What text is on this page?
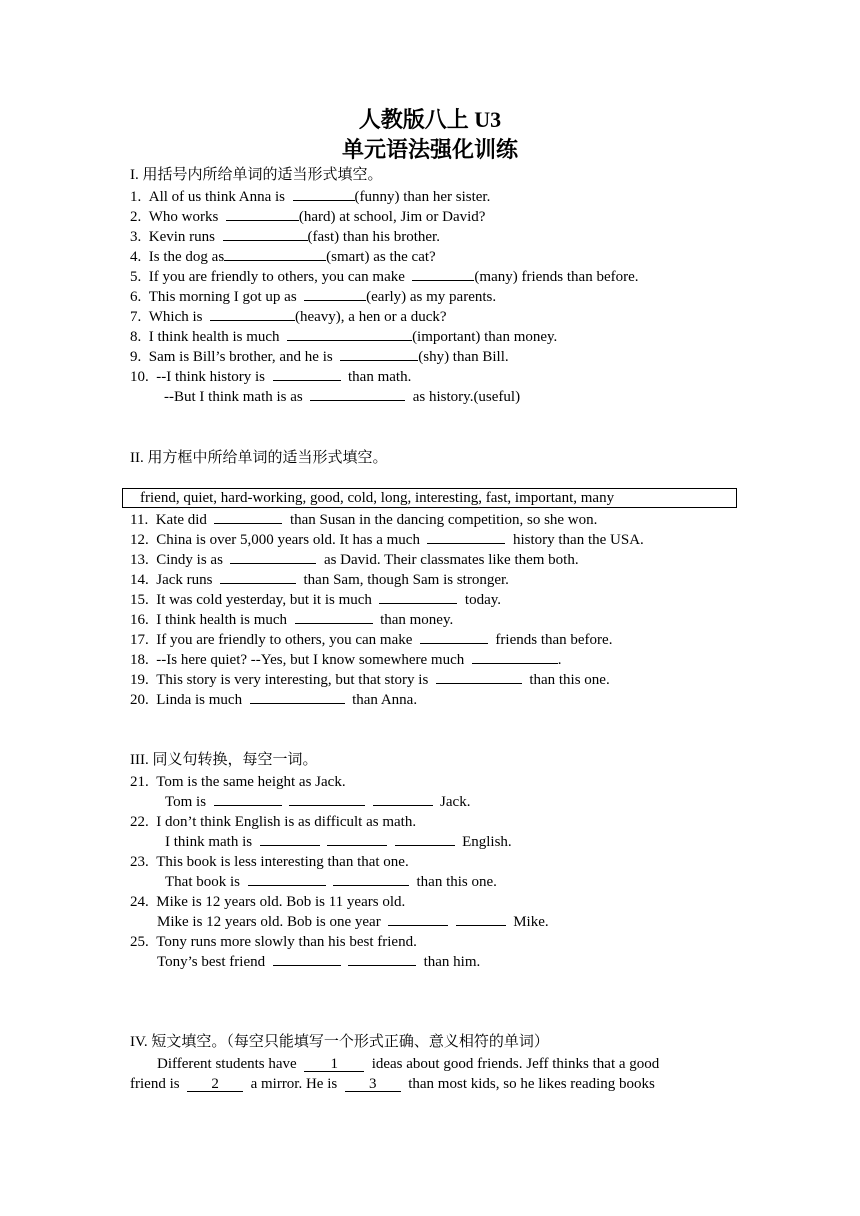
人教版八上 U3
单元语法强化训练
I. 用括号内所给单词的适当形式填空。
1. All of us think Anna is	(funny) than her sister.
2. Who works	(hard) at school, Jim or David?
3. Kevin runs	(fast) than his brother.
4. Is the dog as	(smart) as the cat?
5. If you are friendly to others, you can make	(many) friends than before.
6. This morning I got up as	(early) as my parents.
7. Which is	(heavy), a hen or a duck?
8. I think health is much	(important) than money.
9. Sam is Bill’s brother, and he is	(shy) than Bill.
10. --I think history is	than math.
--But I think math is as	as history.(useful)
II. 用方框中所给单词的适当形式填空。
friend, quiet, hard-working, good, cold, long, interesting, fast, important, many
11. Kate did	than Susan in the dancing competition, so she won.
12. China is over 5,000 years old. It has a much	history than the USA.
13. Cindy is as	as David. Their classmates like them both.
14. Jack runs	than Sam, though Sam is stronger.
15. It was cold yesterday, but it is much	today.
16. I think health is much	than money.
17. If you are friendly to others, you can make	friends than before.
18. --Is here quiet? --Yes, but I know somewhere much	.
19. This story is very interesting, but that story is	than this one.
20. Linda is much	than Anna.
III. 同义句转换，每空一词。
21. Tom is the same height as Jack.
Tom is	Jack.
22. I don’t think English is as difficult as math.
I think math is	English.
23. This book is less interesting than that one.
That book is	than this one.
24. Mike is 12 years old. Bob is 11 years old.
Mike is 12 years old. Bob is one year	Mike.
25. Tony runs more slowly than his best friend.
Tony’s best friend	than him.
IV. 短文填空。（每空只能填写一个形式正确、意义相符的单词）
Different students have 1 ideas about good friends. Jeff thinks that a good
friend is 2 a mirror. He is 3 than most kids, so he likes reading books
